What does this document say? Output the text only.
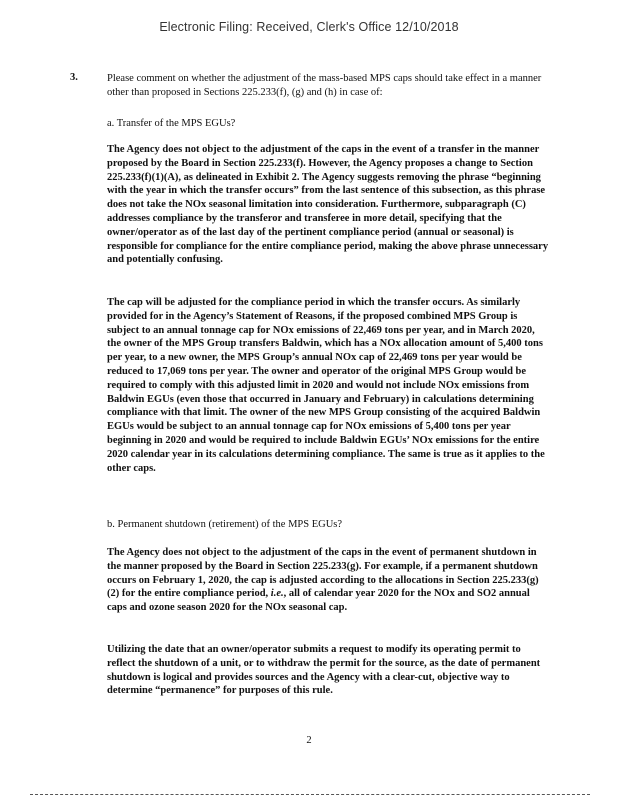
Electronic Filing: Received, Clerk's Office 12/10/2018
3.	Please comment on whether the adjustment of the mass-based MPS caps should take effect in a manner other than proposed in Sections 225.233(f), (g) and (h) in case of:
a. Transfer of the MPS EGUs?
The Agency does not object to the adjustment of the caps in the event of a transfer in the manner proposed by the Board in Section 225.233(f). However, the Agency proposes a change to Section 225.233(f)(1)(A), as delineated in Exhibit 2. The Agency suggests removing the phrase “beginning with the year in which the transfer occurs” from the last sentence of this subsection, as this phrase does not take the NOx seasonal limitation into consideration. Furthermore, subparagraph (C) addresses compliance by the transferor and transferee in more detail, specifying that the owner/operator as of the last day of the pertinent compliance period (annual or seasonal) is responsible for compliance for the entire compliance period, making the above phrase unnecessary and potentially confusing.
The cap will be adjusted for the compliance period in which the transfer occurs. As similarly provided for in the Agency’s Statement of Reasons, if the proposed combined MPS Group is subject to an annual tonnage cap for NOx emissions of 22,469 tons per year, and in March 2020, the owner of the MPS Group transfers Baldwin, which has a NOx allocation amount of 5,400 tons per year, to a new owner, the MPS Group’s annual NOx cap of 22,469 tons per year would be reduced to 17,069 tons per year. The owner and operator of the original MPS Group would be required to comply with this adjusted limit in 2020 and would not include NOx emissions from Baldwin EGUs (even those that occurred in January and February) in calculations determining compliance with that limit. The owner of the new MPS Group consisting of the acquired Baldwin EGUs would be subject to an annual tonnage cap for NOx emissions of 5,400 tons per year beginning in 2020 and would be required to include Baldwin EGUs’ NOx emissions for the entire 2020 calendar year in its calculations determining compliance. The same is true as it applies to the other caps.
b. Permanent shutdown (retirement) of the MPS EGUs?
The Agency does not object to the adjustment of the caps in the event of permanent shutdown in the manner proposed by the Board in Section 225.233(g). For example, if a permanent shutdown occurs on February 1, 2020, the cap is adjusted according to the allocations in Section 225.233(g)(2) for the entire compliance period, i.e., all of calendar year 2020 for the NOx and SO2 annual caps and ozone season 2020 for the NOx seasonal cap.
Utilizing the date that an owner/operator submits a request to modify its operating permit to reflect the shutdown of a unit, or to withdraw the permit for the source, as the date of permanent shutdown is logical and provides sources and the Agency with a clear-cut, objective way to determine “permanence” for purposes of this rule.
2
